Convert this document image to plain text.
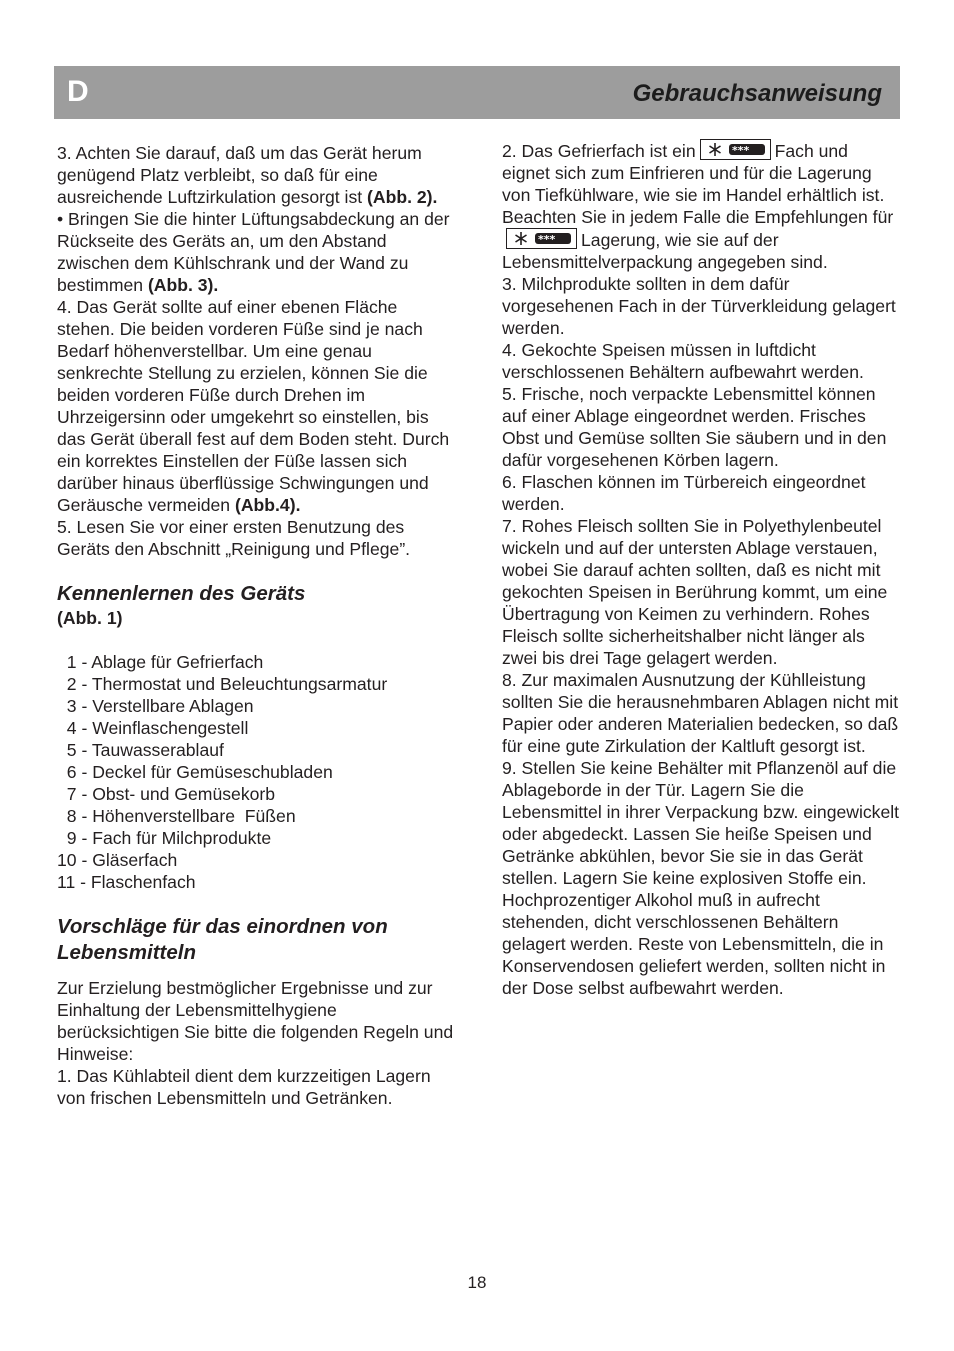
D	Gebrauchsanweisung

3. Achten Sie darauf, daß um das Gerät herum genügend Platz verbleibt, so daß für eine ausreichende Luftzirkulation gesorgt ist (Abb. 2).

• Bringen Sie die hinter Lüftungsabdeckung an der Rückseite des Geräts an, um den Abstand zwischen dem Kühlschrank und der Wand zu bestimmen (Abb. 3).

4. Das Gerät sollte auf einer ebenen Fläche stehen. Die beiden vorderen Füße sind je nach Bedarf höhenverstellbar. Um eine genau senkrechte Stellung zu erzielen, können Sie die beiden vorderen Füße durch Drehen im Uhrzeigersinn oder umgekehrt so einstellen, bis das Gerät überall fest auf dem Boden steht. Durch ein korrektes Einstellen der Füße lassen sich darüber hinaus überflüssige Schwingungen und Geräusche vermeiden (Abb.4).

5. Lesen Sie vor einer ersten Benutzung des Geräts den Abschnitt „Reinigung und Pflege”.

Kennenlernen des Geräts

(Abb. 1)

1 - Ablage für Gefrierfach
2 - Thermostat und Beleuchtungsarmatur
3 - Verstellbare Ablagen
4 - Weinflaschengestell
5 - Tauwasserablauf
6 - Deckel für Gemüseschubladen
7 - Obst- und Gemüsekorb
8 - Höhenverstellbare  Füßen
9 - Fach für Milchprodukte
10 - Gläserfach
11 - Flaschenfach

Vorschläge für das einordnen von Lebensmitteln

Zur Erzielung bestmöglicher Ergebnisse und zur Einhaltung der Lebensmittelhygiene berücksichtigen Sie bitte die folgenden Regeln und Hinweise:

1. Das Kühlabteil dient dem kurzzeitigen Lagern von frischen Lebensmitteln und Getränken.

2. Das Gefrierfach ist ein	*** Fach und eignet sich zum Einfrieren und für die Lagerung von Tiefkühlware, wie sie im Handel erhältlich ist. Beachten Sie in jedem Falle die Empfehlungen für
*** Lagerung, wie sie auf der Lebensmittelverpackung angegeben sind.

3. Milchprodukte sollten in dem dafür vorgesehenen Fach in der Türverkleidung gelagert werden.

4. Gekochte Speisen müssen in luftdicht verschlossenen Behältern aufbewahrt werden.

5. Frische, noch verpackte Lebensmittel können auf einer Ablage eingeordnet werden. Frisches Obst und Gemüse sollten Sie säubern und in den dafür vorgesehenen Körben lagern.

6. Flaschen können im Türbereich eingeordnet werden.

7. Rohes Fleisch sollten Sie in Polyethylenbeutel wickeln und auf der untersten Ablage verstauen, wobei Sie darauf achten sollten, daß es nicht mit gekochten Speisen in Berührung kommt, um eine Übertragung von Keimen zu verhindern. Rohes Fleisch sollte sicherheitshalber nicht länger als zwei bis drei Tage gelagert werden.

8. Zur maximalen Ausnutzung der Kühlleistung sollten Sie die herausnehmbaren Ablagen nicht mit Papier oder anderen Materialien bedecken, so daß für eine gute Zirkulation der Kaltluft gesorgt ist.

9. Stellen Sie keine Behälter mit Pflanzenöl auf die Ablageborde in der Tür. Lagern Sie die Lebensmittel in ihrer Verpackung bzw. eingewickelt oder abgedeckt. Lassen Sie heiße Speisen und Getränke abkühlen, bevor Sie sie in das Gerät stellen. Lagern Sie keine explosiven Stoffe ein. Hochprozentiger Alkohol muß in aufrecht stehenden, dicht verschlossenen Behältern gelagert werden. Reste von Lebensmitteln, die in Konservendosen geliefert werden, sollten nicht in der Dose selbst aufbewahrt werden.

18
